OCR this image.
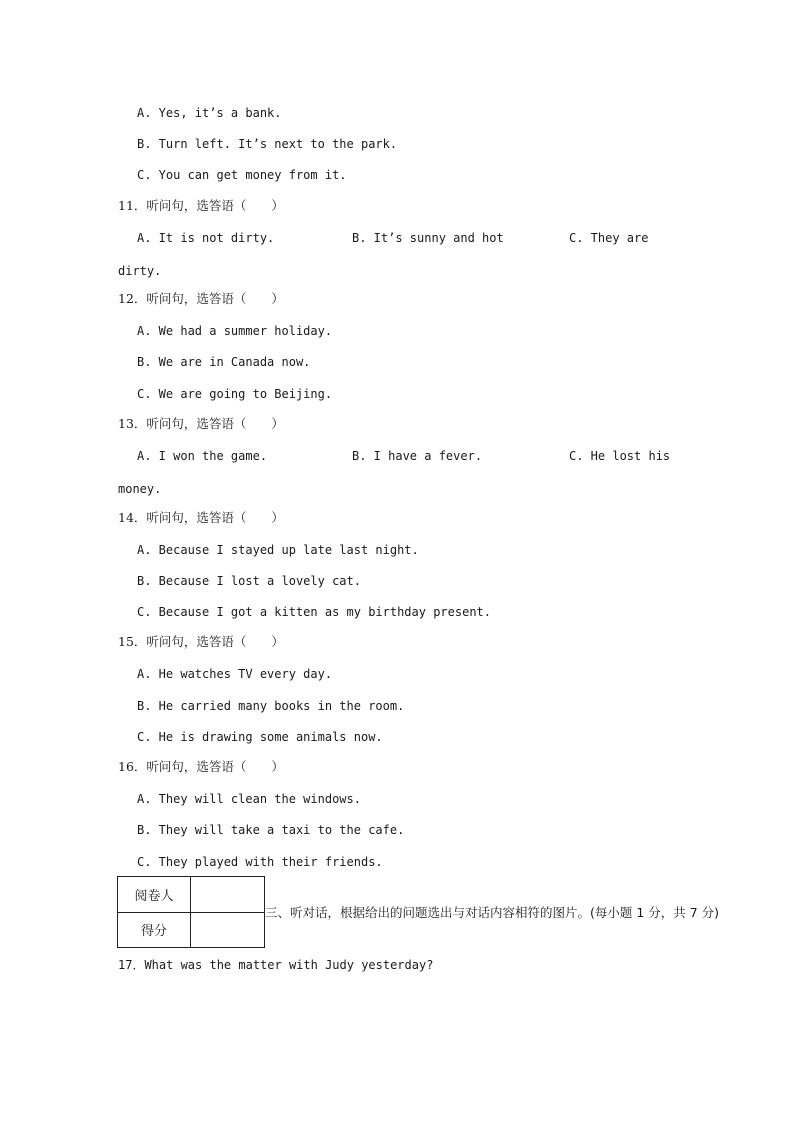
A. Yes, it’s a bank.
B. Turn left. It’s next to the park.
C. You can get money from it.
11．听问句，选答语（　　）
A. It is not dirty.	B. It’s sunny and hot	C. They are
dirty.
12．听问句，选答语（　　）
A. We had a summer holiday.
B. We are in Canada now.
C. We are going to Beijing.
13．听问句，选答语（　　）
A. I won the game.	B. I have a fever.	C. He lost his
money.
14．听问句，选答语（　　）
A. Because I stayed up late last night.
B. Because I lost a lovely cat.
C. Because I got a kitten as my birthday present.
15．听问句，选答语（　　）
A. He watches TV every day.
B. He carried many books in the room.
C. He is drawing some animals now.
16．听问句，选答语（　　）
A. They will clean the windows.
B. They will take a taxi to the cafe.
C. They played with their friends.
阅卷人	
得分	
三、听对话，根据给出的问题选出与对话内容相符的图片。(每小题 1 分，共 7 分)
17．What was the matter with Judy yesterday?
